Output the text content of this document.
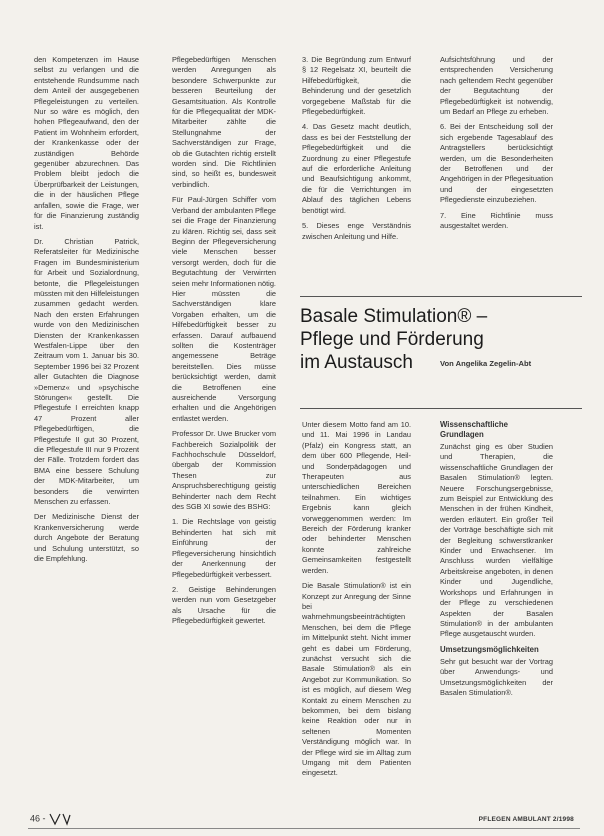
den Kompetenzen im Hause selbst zu verlangen und die entstehende Rundsumme nach dem Anteil der ausgegebenen Pflegeleistungen zu verteilen. Nur so wäre es möglich, den hohen Pflegeaufwand, den der Patient im Wohnheim erfordert, der Krankenkasse oder der zuständigen Behörde gegenüber abzurechnen. Das Problem bleibt jedoch die Überprüfbarkeit der Leistungen, die in der häuslichen Pflege anfallen, sowie die Frage, wer für die Finanzierung zuständig ist.

Dr. Christian Patrick, Referatsleiter für Medizinische Fragen im Bundesministerium für Arbeit und Sozialordnung, betonte, die Pflegeleistungen müssten mit den Hilfeleistungen zusammen gedacht werden. Nach den ersten Erfahrungen wurde von den Medizinischen Diensten der Krankenkassen Westfalen-Lippe über den Zeitraum vom 1. Januar bis 30. September 1996 bei 32 Prozent aller Gutachten die Diagnose »Demenz« und »psychische Störungen« gestellt. Die Pflegestufe I erreichten knapp 47 Prozent aller Pflegebedürftigen, die Pflegestufe II gut 30 Prozent, die Pflegestufe III nur 9 Prozent der Fälle. Trotzdem fordert das BMA eine bessere Schulung der MDK-Mitarbeiter, um besonders die verwirrten Menschen zu erfassen.

Der Medizinische Dienst der Krankenversicherung werde durch Angebote der Beratung und Schulung unterstützt, so die Empfehlung.

Pflegebedürftigen Menschen werden Anregungen als besondere Schwerpunkte zur besseren Beurteilung der Gesamtsituation. Als Kontrolle für die Pflegequalität der MDK-Mitarbeiter zählte die Stellungnahme der Sachverständigen zur Frage, ob die Gutachten richtig erstellt worden sind. Die Richtlinien sind, so heißt es, bundesweit verbindlich.

Für Paul-Jürgen Schiffer vom Verband der ambulanten Pflege sei die Frage der Finanzierung zu klären. Richtig sei, dass seit Beginn der Pflegeversicherung viele Menschen besser versorgt werden, doch für die Begutachtung der Verwirrten seien mehr Informationen nötig. Hier müssten die Sachverständigen klare Vorgaben erhalten, um die Hilfebedürftigkeit besser zu erfassen. Darauf aufbauend sollten die Kostenträger angemessene Beträge bereitstellen. Dies müsse berücksichtigt werden, damit die Betroffenen eine ausreichende Versorgung erhalten und die Angehörigen entlastet werden.

Professor Dr. Uwe Brucker vom Fachbereich Sozialpolitik der Fachhochschule Düsseldorf, übergab der Kommission Thesen zur Anspruchsberechtigung geistig Behinderter nach dem Recht des SGB XI sowie des BSHG:

1. Die Rechtslage von geistig Behinderten hat sich mit Einführung der Pflegeversicherung hinsichtlich der Anerkennung der Pflegebedürftigkeit verbessert.

2. Geistige Behinderungen werden nun vom Gesetzgeber als Ursache für die Pflegebedürftigkeit gewertet.

3. Die Begründung zum Entwurf § 12 Regelsatz XI, beurteilt die Hilfebedürftigkeit, die Behinderung und der gesetzlich vorgegebene Maßstab für die Pflegebedürftigkeit.

4. Das Gesetz macht deutlich, dass es bei der Feststellung der Pflegebedürftigkeit und die Zuordnung zu einer Pflegestufe auf die erforderliche Anleitung und Beaufsichtigung ankommt, die für die Verrichtungen im Ablauf des täglichen Lebens benötigt wird.

5. Dieses enge Verständnis zwischen Anleitung und Hilfe.

Aufsichtsführung und der entsprechenden Versicherung nach geltendem Recht gegenüber der Begutachtung der Pflegebedürftigkeit ist notwendig, um Bedarf an Pflege zu erheben.

6. Bei der Entscheidung soll der sich ergebende Tagesablauf des Antragstellers berücksichtigt werden, um die Besonderheiten der Betroffenen und der Angehörigen in der Pflegesituation und der eingesetzten Pflegedienste einzubeziehen.

7. Eine Richtlinie muss ausgestaltet werden.

Basale Stimulation® –
Pflege und Förderung
im Austausch	Von Angelika Zegelin-Abt

Unter diesem Motto fand am 10. und 11. Mai 1996 in Landau (Pfalz) ein Kongress statt, an dem über 600 Pflegende, Heil- und Sonderpädagogen und Therapeuten aus unterschiedlichen Bereichen teilnahmen. Ein wichtiges Ergebnis kann gleich vorweggenommen werden: Im Bereich der Förderung kranker oder behinderter Menschen konnte zahlreiche Gemeinsamkeiten festgestellt werden.

Die Basale Stimulation® ist ein Konzept zur Anregung der Sinne bei wahrnehmungsbeeinträchtigten Menschen, bei dem die Pflege im Mittelpunkt steht. Nicht immer geht es dabei um Förderung, zunächst versucht sich die Basale Stimulation® als ein Angebot zur Kommunikation. So ist es möglich, auf diesem Weg Kontakt zu einem Menschen zu bekommen, bei dem bislang keine Reaktion oder nur in seltenen Momenten Verständigung möglich war. In der Pflege wird sie im Alltag zum Umgang mit dem Patienten eingesetzt.

Wissenschaftliche Grundlagen

Zunächst ging es über Studien und Therapien, die wissenschaftliche Grundlagen der Basalen Stimulation® legten. Neuere Forschungsergebnisse, zum Beispiel zur Entwicklung des Menschen in der frühen Kindheit, werden erläutert. Ein großer Teil der Vorträge beschäftigte sich mit der Begleitung schwerstkranker Kinder und Erwachsener. Im Anschluss wurden vielfältige Arbeitskreise angeboten, in denen Kinder und Jugendliche, Workshops und Erfahrungen in der Pflege zu verschiedenen Aspekten der Basalen Stimulation® in der ambulanten Pflege ausgetauscht wurden.

Umsetzungsmöglichkeiten

Sehr gut besucht war der Vortrag über Anwendungs- und Umsetzungsmöglichkeiten der Basalen Stimulation®.

46 -	PFLEGEN AMBULANT 2/1998
